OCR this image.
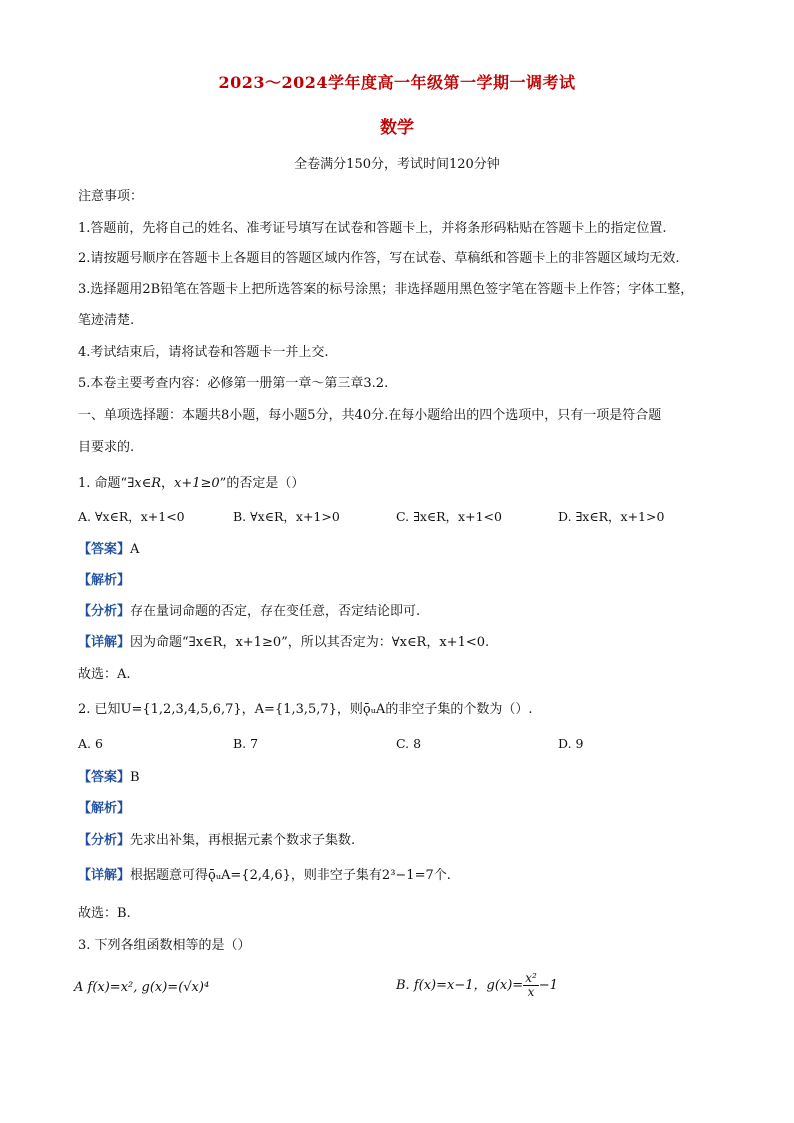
2023～2024学年度高一年级第一学期一调考试
数学
全卷满分150分，考试时间120分钟
注意事项：
1.答题前，先将自己的姓名、准考证号填写在试卷和答题卡上，并将条形码粘贴在答题卡上的指定位置.
2.请按题号顺序在答题卡上各题目的答题区域内作答，写在试卷、草稿纸和答题卡上的非答题区域均无效.
3.选择题用2B铅笔在答题卡上把所选答案的标号涂黑；非选择题用黑色签字笔在答题卡上作答；字体工整，
笔迹清楚.
4.考试结束后，请将试卷和答题卡一并上交.
5.本卷主要考查内容：必修第一册第一章～第三章3.2.
一、单项选择题：本题共8小题，每小题5分，共40分.在每小题给出的四个选项中，只有一项是符合题
目要求的.
1. 命题“∃x∈R，x+1≥0”的否定是（）
A. ∀x∈R，x+1<0	B. ∀x∈R，x+1>0	C. ∃x∈R，x+1<0	D. ∃x∈R，x+1>0
【答案】A
【解析】
【分析】存在量词命题的否定，存在变任意，否定结论即可.
【详解】因为命题“∃x∈R，x+1≥0”，所以其否定为：∀x∈R，x+1<0.
故选：A.
2. 已知U={1,2,3,4,5,6,7}，A={1,3,5,7}，则ǭᵤA的非空子集的个数为（）.
A. 6	B. 7	C. 8	D. 9
【答案】B
【解析】
【分析】先求出补集，再根据元素个数求子集数.
【详解】根据题意可得ǭᵤA={2,4,6}，则非空子集有2³−1=7个.
故选：B.
3. 下列各组函数相等的是（）
A f(x)=x², g(x)=(√x)⁴	B. f(x)=x−1，$g(x)= \frac{\text{x²}}{x} -1$
